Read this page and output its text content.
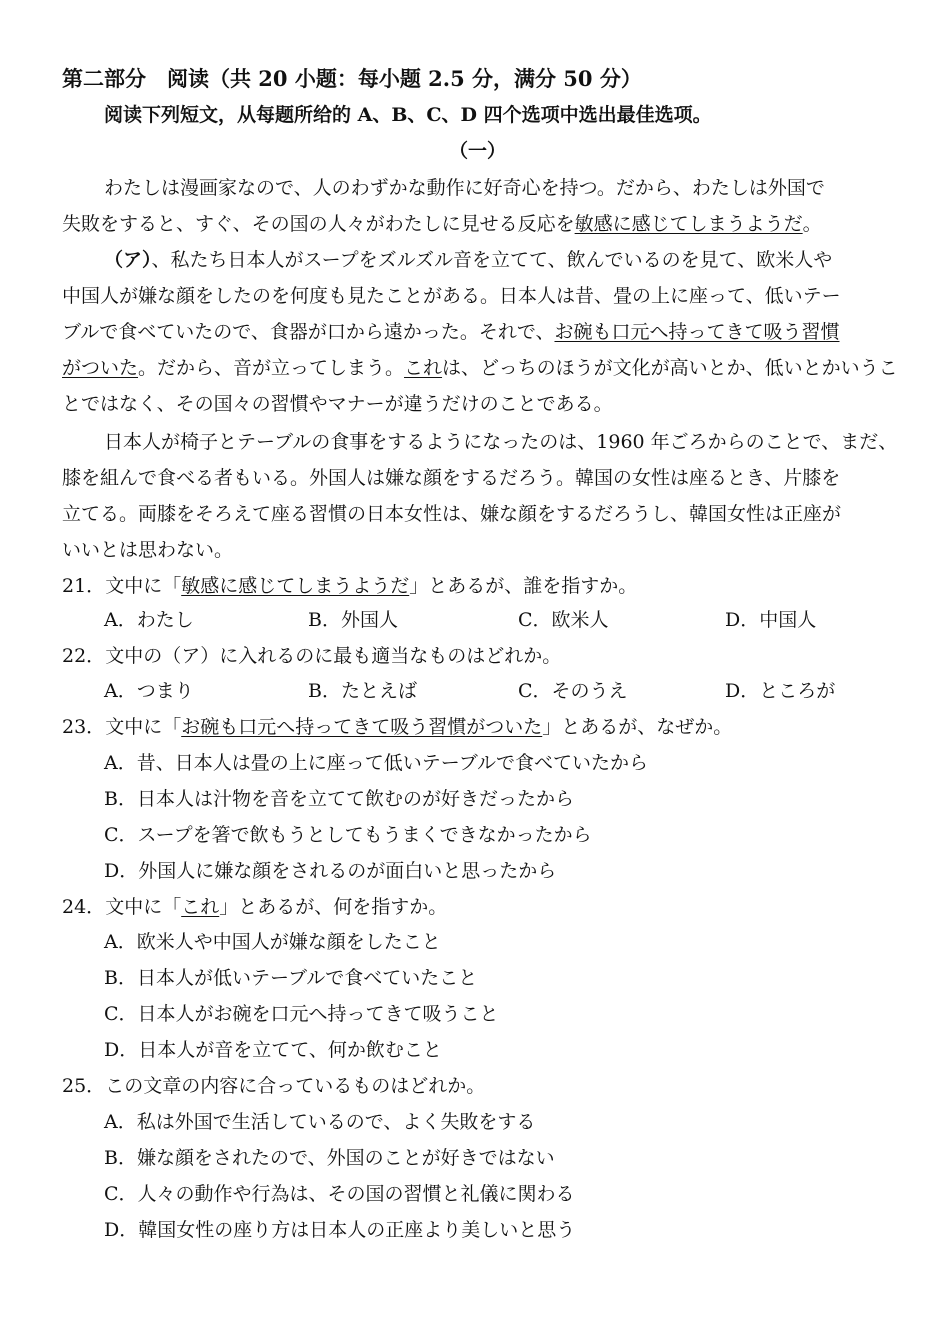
第二部分　阅读（共 20 小题：每小题 2.5 分，满分 50 分）
阅读下列短文，从每题所给的 A、B、C、D 四个选项中选出最佳选项。
（一）
わたしは漫画家なので、人のわずかな動作に好奇心を持つ。だから、わたしは外国で
失敗をすると、すぐ、その国の人々がわたしに見せる反応を敏感に感じてしまうようだ。
（ア）、私たち日本人がスープをズルズル音を立てて、飲んでいるのを見て、欧米人や
中国人が嫌な顔をしたのを何度も見たことがある。日本人は昔、畳の上に座って、低いテー
ブルで食べていたので、食器が口から遠かった。それで、お碗も口元へ持ってきて吸う習慣
がついた。だから、音が立ってしまう。これは、どっちのほうが文化が高いとか、低いとかいうこ
とではなく、その国々の習慣やマナーが違うだけのことである。
日本人が椅子とテーブルの食事をするようになったのは、1960 年ごろからのことで、まだ、
膝を組んで食べる者もいる。外国人は嫌な顔をするだろう。韓国の女性は座るとき、片膝を
立てる。両膝をそろえて座る習慣の日本女性は、嫌な顔をするだろうし、韓国女性は正座が
いいとは思わない。
21．文中に「敏感に感じてしまうようだ」とあるが、誰を指すか。
A．わたし	B．外国人	C．欧米人	D．中国人
22．文中の（ア）に入れるのに最も適当なものはどれか。
A．つまり	B．たとえば	C．そのうえ	D．ところが
23．文中に「お碗も口元へ持ってきて吸う習慣がついた」とあるが、なぜか。
A．昔、日本人は畳の上に座って低いテーブルで食べていたから
B．日本人は汁物を音を立てて飲むのが好きだったから
C．スープを箸で飲もうとしてもうまくできなかったから
D．外国人に嫌な顔をされるのが面白いと思ったから
24．文中に「これ」とあるが、何を指すか。
A．欧米人や中国人が嫌な顔をしたこと
B．日本人が低いテーブルで食べていたこと
C．日本人がお碗を口元へ持ってきて吸うこと
D．日本人が音を立てて、何か飲むこと
25．この文章の内容に合っているものはどれか。
A．私は外国で生活しているので、よく失敗をする
B．嫌な顔をされたので、外国のことが好きではない
C．人々の動作や行為は、その国の習慣と礼儀に関わる
D．韓国女性の座り方は日本人の正座より美しいと思う
